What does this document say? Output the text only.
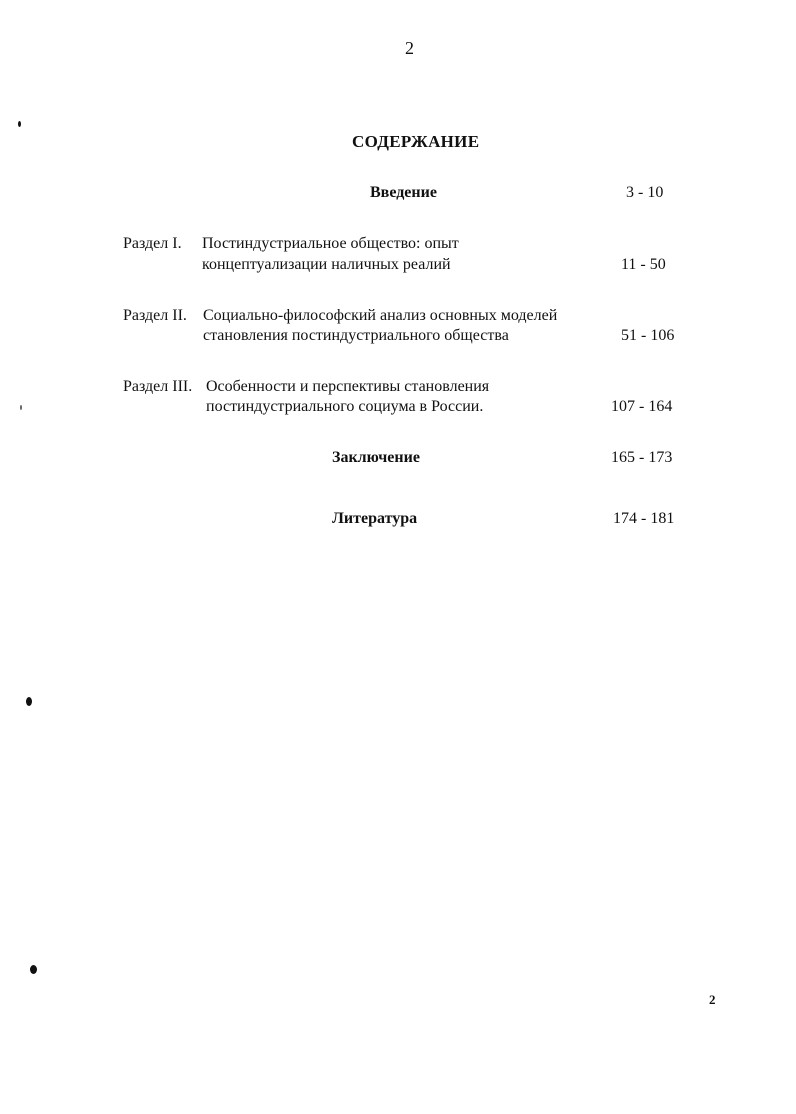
2
СОДЕРЖАНИЕ
Введение	3 - 10
Раздел I. Постиндустриальное общество: опыт
концептуализации наличных реалий	11 - 50
Раздел II. Социально-философский анализ основных моделей
становления постиндустриального общества	51 - 106
Раздел III. Особенности и перспективы становления
постиндустриального социума в России.	107 - 164
Заключение	165 - 173
Литература	174 - 181
2
